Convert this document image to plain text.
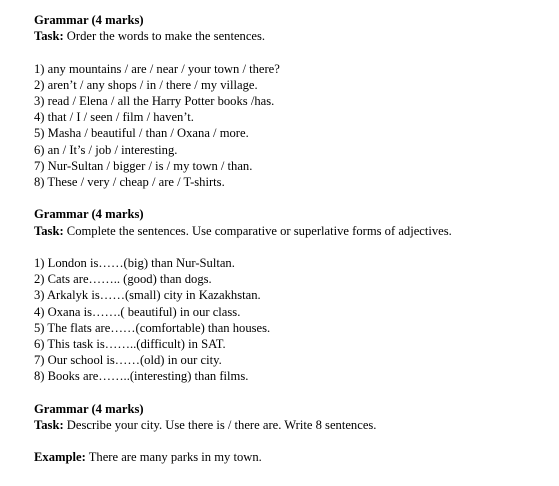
Grammar (4 marks)
Task: Order the words to make the sentences.
1) any mountains / are / near / your town / there?
2) aren’t / any shops / in / there / my village.
3) read / Elena / all the Harry Potter books /has.
4) that / I / seen / film / haven’t.
5) Masha / beautiful / than / Oxana / more.
6) an / It’s / job / interesting.
7) Nur-Sultan / bigger / is / my town / than.
8) These / very / cheap / are / T-shirts.
Grammar (4 marks)
Task: Complete the sentences. Use comparative or superlative forms of adjectives.
1) London is……(big) than Nur-Sultan.
2) Cats are…….. (good) than dogs.
3) Arkalyk is……(small) city in Kazakhstan.
4) Oxana is…….( beautiful) in our class.
5) The flats are……(comfortable) than houses.
6) This task is……..(difficult) in SAT.
7) Our school is……(old) in our city.
8) Books are……..(interesting) than films.
Grammar (4 marks)
Task: Describe your city. Use there is / there are. Write 8 sentences.
Example: There are many parks in my town.
